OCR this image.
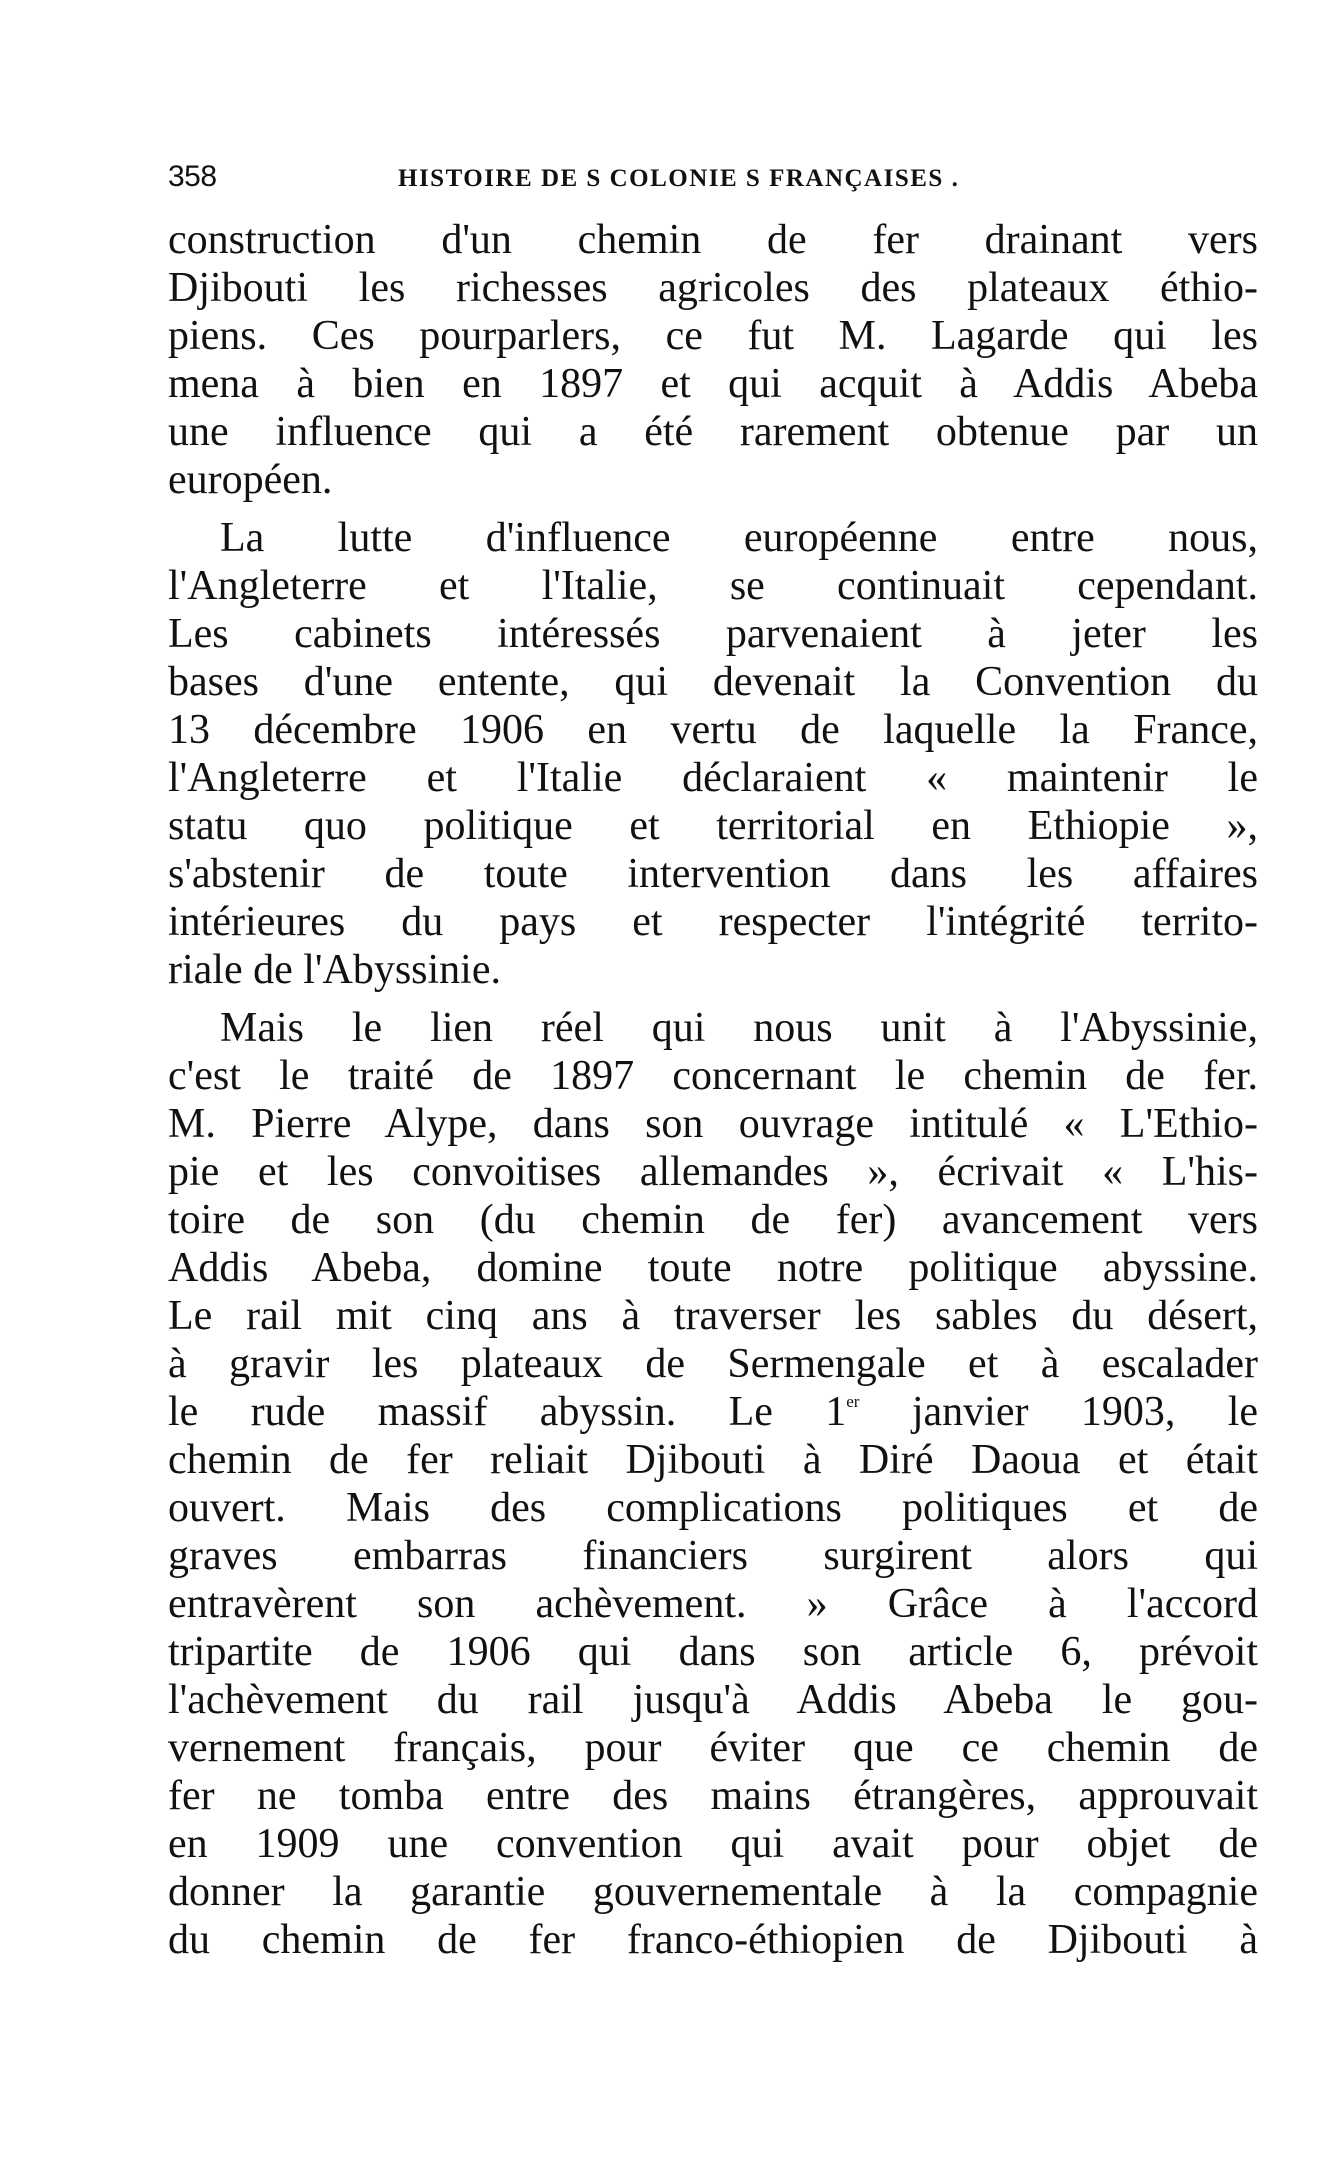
358	HISTOIRE DE S COLONIE S FRANÇAISES .
construction d'un chemin de fer drainant vers
Djibouti les richesses agricoles des plateaux éthio-
piens. Ces pourparlers, ce fut M. Lagarde qui les
mena à bien en 1897 et qui acquit à Addis Abeba
une influence qui a été rarement obtenue par un
européen.
La lutte d'influence européenne entre nous,
l'Angleterre et l'Italie, se continuait cependant.
Les cabinets intéressés parvenaient à jeter les
bases d'une entente, qui devenait la Convention du
13 décembre 1906 en vertu de laquelle la France,
l'Angleterre et l'Italie déclaraient « maintenir le
statu quo politique et territorial en Ethiopie »,
s'abstenir de toute intervention dans les affaires
intérieures du pays et respecter l'intégrité territo-
riale de l'Abyssinie.
Mais le lien réel qui nous unit à l'Abyssinie,
c'est le traité de 1897 concernant le chemin de fer.
M. Pierre Alype, dans son ouvrage intitulé « L'Ethio-
pie et les convoitises allemandes », écrivait « L'his-
toire de son (du chemin de fer) avancement vers
Addis Abeba, domine toute notre politique abyssine.
Le rail mit cinq ans à traverser les sables du désert,
à gravir les plateaux de Sermengale et à escalader
le rude massif abyssin. Le 1er janvier 1903, le
chemin de fer reliait Djibouti à Diré Daoua et était
ouvert. Mais des complications politiques et de
graves embarras financiers surgirent alors qui
entravèrent son achèvement. » Grâce à l'accord
tripartite de 1906 qui dans son article 6, prévoit
l'achèvement du rail jusqu'à Addis Abeba le gou-
vernement français, pour éviter que ce chemin de
fer ne tomba entre des mains étrangères, approuvait
en 1909 une convention qui avait pour objet de
donner la garantie gouvernementale à la compagnie
du chemin de fer franco-éthiopien de Djibouti à
